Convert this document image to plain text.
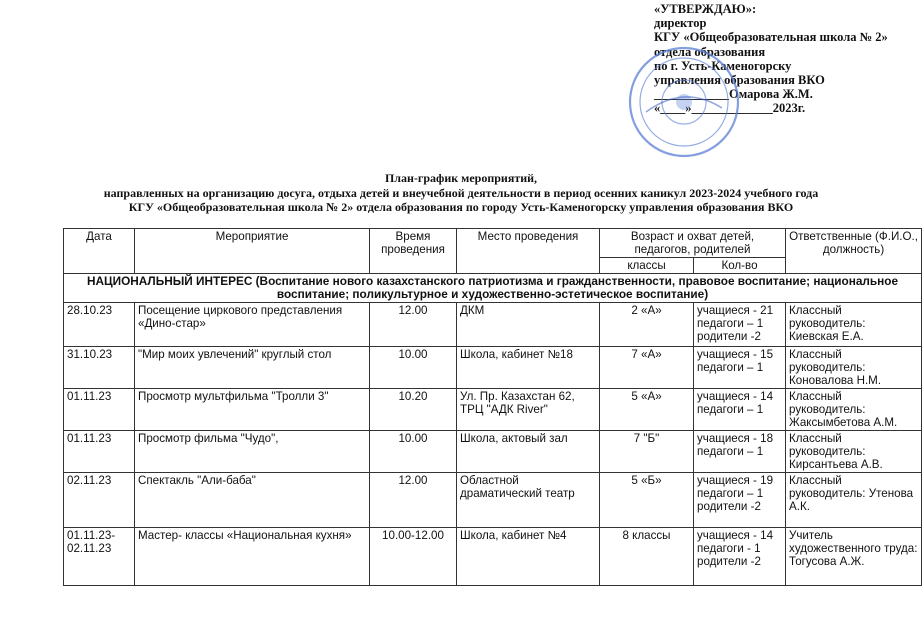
«УТВЕРЖДАЮ»:
директор
КГУ «Общеобразовательная школа № 2»
отдела образования
по г. Усть-Каменогорску
управления образования ВКО
____________Омарова Ж.М.
«____»_____________2023г.
План-график мероприятий,
направленных на организацию досуга, отдыха детей и внеучебной деятельности в период осенних каникул 2023-2024 учебного года
КГУ «Общеобразовательная школа № 2» отдела образования по городу Усть-Каменогорску управления образования ВКО
Дата	Мероприятие	Время проведения	Место проведения	Возраст и охват детей, педагогов, родителей		Ответственные (Ф.И.О., должность)
				классы	Кол-во	
НАЦИОНАЛЬНЫЙ ИНТЕРЕС (Воспитание нового казахстанского патриотизма и гражданственности, правовое воспитание; национальное воспитание; поликультурное и художественно-эстетическое воспитание)						
28.10.23	Посещение циркового представления «Дино-стар»	12.00	ДКМ	2 «А»	учащиеся - 21 педагоги – 1 родители -2	Классный руководитель: Киевская Е.А.
31.10.23	"Мир моих увлечений" круглый стол	10.00	Школа, кабинет №18	7 «А»	учащиеся - 15 педагоги – 1	Классный руководитель: Коновалова Н.М.
01.11.23	Просмотр мультфильма "Тролли 3"	10.20	Ул. Пр. Казахстан 62, ТРЦ "АДК River"	5 «А»	учащиеся - 14 педагоги – 1	Классный руководитель: Жаксымбетова А.М.
01.11.23	Просмотр фильма "Чудо",	10.00	Школа, актовый зал	7 "Б"	учащиеся - 18 педагоги – 1	Классный руководитель: Кирсантьева А.В.
02.11.23	Спектакль "Али-баба"	12.00	Областной драматический театр	5 «Б»	учащиеся - 19 педагоги – 1 родители -2	Классный руководитель: Утенова А.К.
01.11.23-02.11.23	Мастер- классы «Национальная кухня»	10.00-12.00	Школа, кабинет №4	8 классы	учащиеся - 14 педагоги - 1 родители -2	Учитель художественного труда: Тогусова А.Ж.
